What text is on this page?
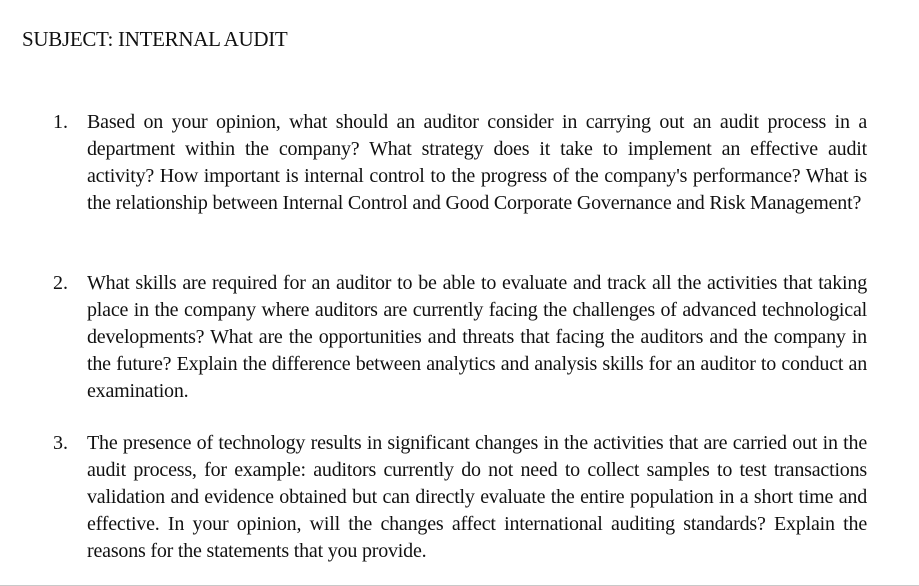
SUBJECT: INTERNAL AUDIT
1. Based on your opinion, what should an auditor consider in carrying out an audit process in a department within the company? What strategy does it take to implement an effective audit activity? How important is internal control to the progress of the company's performance? What is the relationship between Internal Control and Good Corporate Governance and Risk Management?

2. What skills are required for an auditor to be able to evaluate and track all the activities that taking place in the company where auditors are currently facing the challenges of advanced technological developments? What are the opportunities and threats that facing the auditors and the company in the future? Explain the difference between analytics and analysis skills for an auditor to conduct an examination.

3. The presence of technology results in significant changes in the activities that are carried out in the audit process, for example: auditors currently do not need to collect samples to test transactions validation and evidence obtained but can directly evaluate the entire population in a short time and effective. In your opinion, will the changes affect international auditing standards? Explain the reasons for the statements that you provide.
